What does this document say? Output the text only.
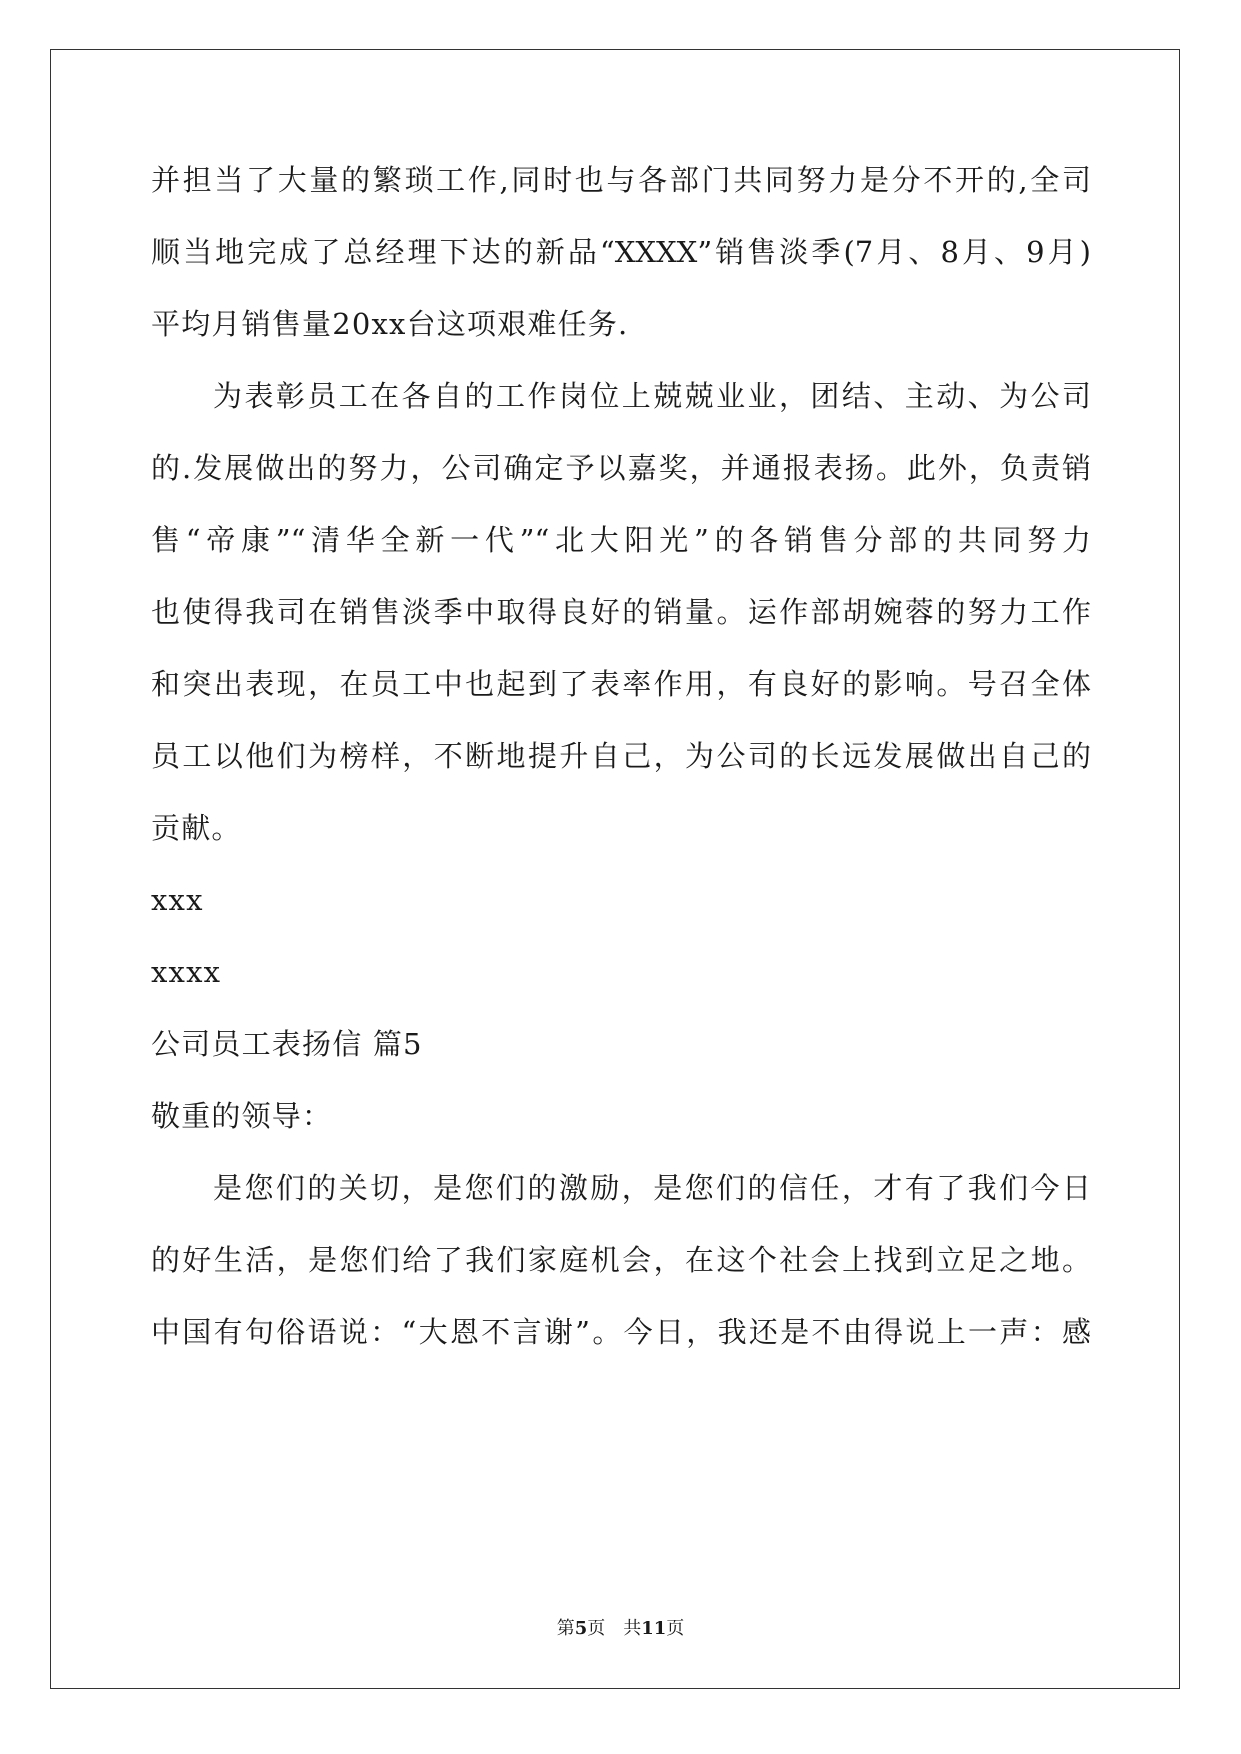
并担当了大量的繁琐工作,同时也与各部门共同努力是分不开的,全司
顺当地完成了总经理下达的新品“XXXX”销售淡季(7月、8月、9月)
平均月销售量20xx台这项艰难任务.
为表彰员工在各自的工作岗位上兢兢业业，团结、主动、为公司
的.发展做出的努力，公司确定予以嘉奖，并通报表扬。此外，负责销
售“帝康”“清华全新一代”“北大阳光”的各销售分部的共同努力
也使得我司在销售淡季中取得良好的销量。运作部胡婉蓉的努力工作
和突出表现，在员工中也起到了表率作用，有良好的影响。号召全体
员工以他们为榜样，不断地提升自己，为公司的长远发展做出自己的
贡献。
xxx
xxxx
公司员工表扬信 篇5
敬重的领导：
是您们的关切，是您们的激励，是您们的信任，才有了我们今日
的好生活，是您们给了我们家庭机会，在这个社会上找到立足之地。
中国有句俗语说：“大恩不言谢”。今日，我还是不由得说上一声：感
第5页 共11页
